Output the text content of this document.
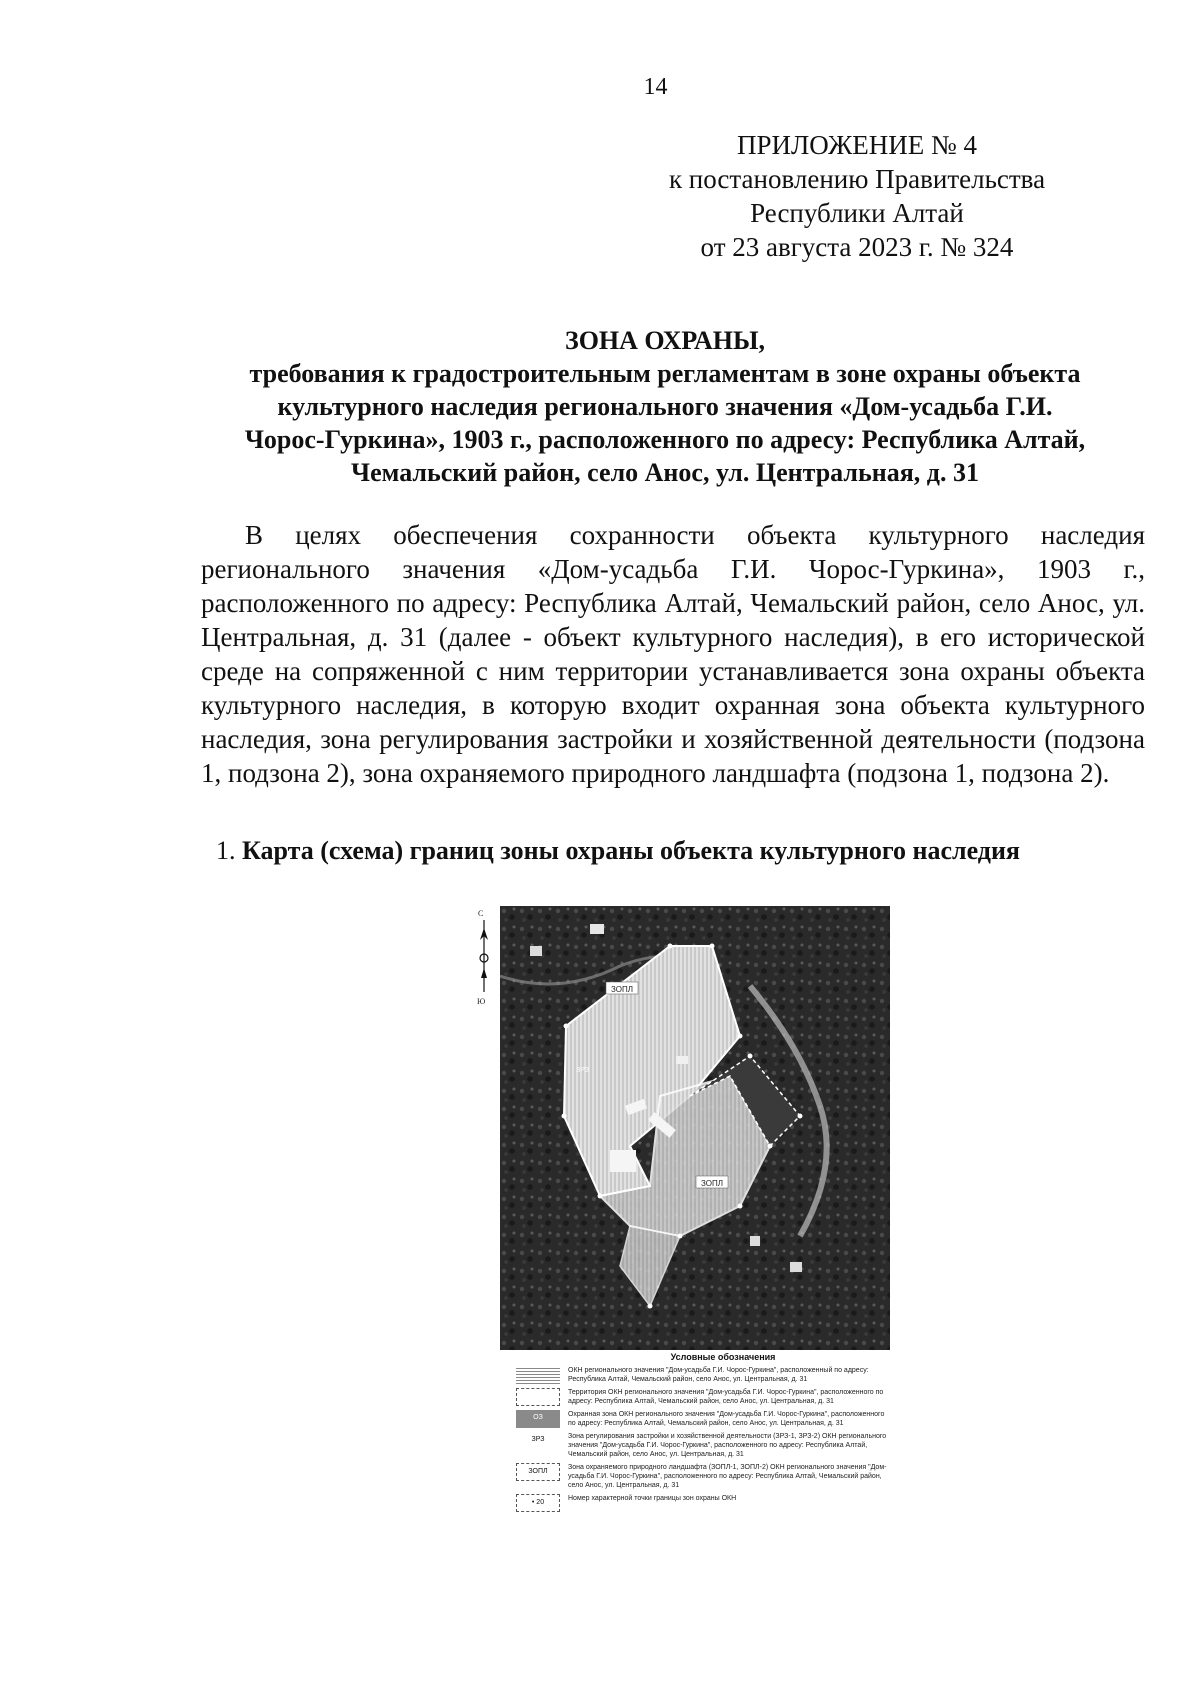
14
ПРИЛОЖЕНИЕ № 4
к постановлению Правительства
Республики Алтай
от 23 августа 2023 г. № 324
ЗОНА ОХРАНЫ,
требования к градостроительным регламентам в зоне охраны объекта
культурного наследия регионального значения «Дом-усадьба Г.И.
Чорос-Гуркина», 1903 г., расположенного по адресу: Республика Алтай,
Чемальский район, село Анос, ул. Центральная, д. 31

В целях обеспечения сохранности объекта культурного наследия регионального значения «Дом-усадьба Г.И. Чорос-Гуркина», 1903 г., расположенного по адресу: Республика Алтай, Чемальский район, село Анос, ул. Центральная, д. 31 (далее - объект культурного наследия), в его исторической среде на сопряженной с ним территории устанавливается зона охраны объекта культурного наследия, в которую входит охранная зона объекта культурного наследия, зона регулирования застройки и хозяйственной деятельности (подзона 1, подзона 2), зона охраняемого природного ландшафта (подзона 1, подзона 2).

1. Карта (схема) границ зоны охраны объекта культурного наследия
С
Ю
ЗОПЛ
ЗОПЛ
ЗРЗ
Условные обозначения
ОКН регионального значения "Дом-усадьба Г.И. Чорос-Гуркина", расположенный по адресу: Республика Алтай, Чемальский район, село Анос, ул. Центральная, д. 31
Территория ОКН регионального значения "Дом-усадьба Г.И. Чорос-Гуркина", расположенного по адресу: Республика Алтай, Чемальский район, село Анос, ул. Центральная, д. 31
ОЗ	Охранная зона ОКН регионального значения "Дом-усадьба Г.И. Чорос-Гуркина", расположенного по адресу: Республика Алтай, Чемальский район, село Анос, ул. Центральная, д. 31
ЗРЗ	Зона регулирования застройки и хозяйственной деятельности (ЗРЗ-1, ЗРЗ-2) ОКН регионального значения "Дом-усадьба Г.И. Чорос-Гуркина", расположенного по адресу: Республика Алтай, Чемальский район, село Анос, ул. Центральная, д. 31
ЗОПЛ
Зона охраняемого природного ландшафта (ЗОПЛ-1, ЗОПЛ-2) ОКН регионального значения "Дом-усадьба Г.И. Чорос-Гуркина", расположенного по адресу: Республика Алтай, Чемальский район, село Анос, ул. Центральная, д. 31
• 20
Номер характерной точки границы зон охраны ОКН
